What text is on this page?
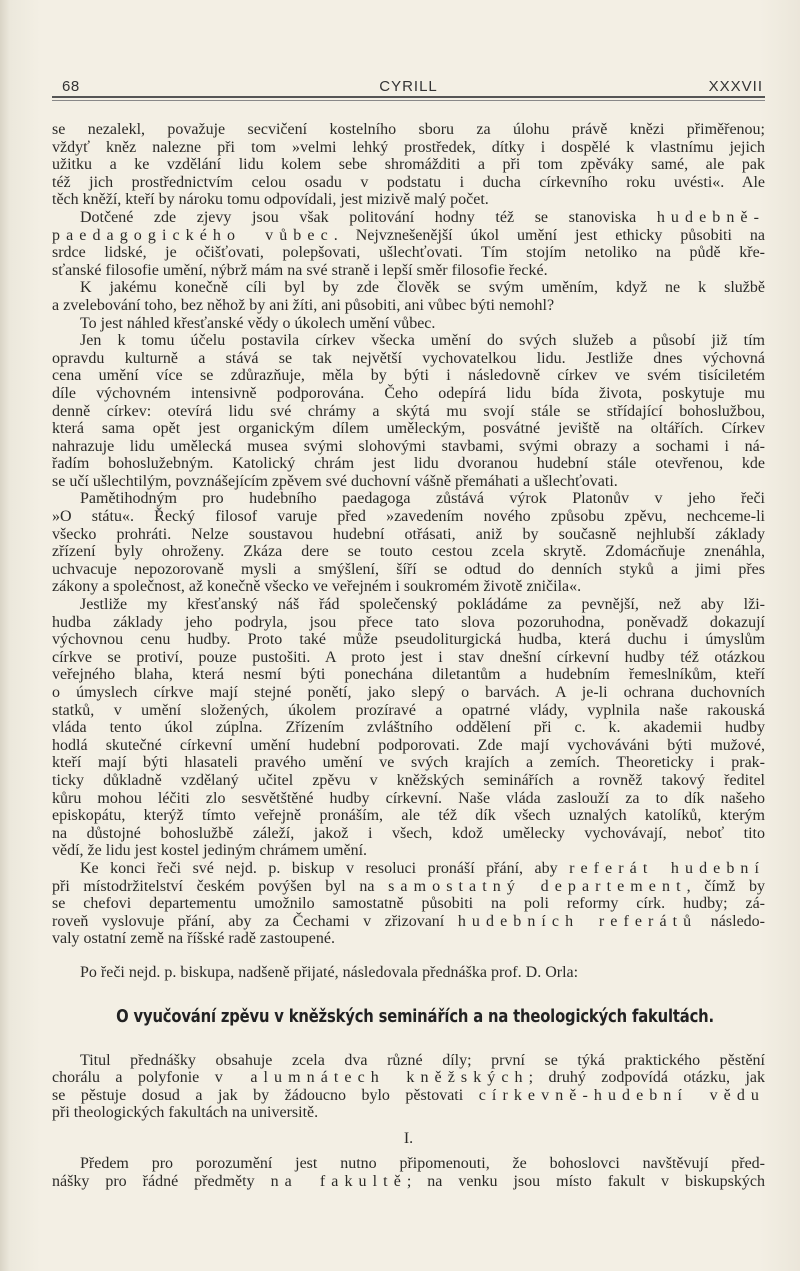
68	CYRILL	XXXVII
se nezalekl, považuje secvičení kostelního sboru za úlohu právě knězi přiměřenou;
vždyť kněz nalezne při tom »velmi lehký prostředek, dítky i dospělé k vlastnímu jejich
užitku a ke vzdělání lidu kolem sebe shromážditi a při tom zpěváky samé, ale pak
též jich prostřednictvím celou osadu v podstatu i ducha církevního roku uvésti«. Ale
těch kněží, kteří by nároku tomu odpovídali, jest mizivě malý počet.
Dotčené zde zjevy jsou však politování hodny též se stanoviska hudebně-
paedagogického vůbec. Nejvznešenější úkol umění jest ethicky působiti na
srdce lidské, je očišťovati, polepšovati, ušlechťovati. Tím stojím netoliko na půdě kře-
sťanské filosofie umění, nýbrž mám na své straně i lepší směr filosofie řecké.
K jakému konečně cíli byl by zde člověk se svým uměním, když ne k službě
a zvelebování toho, bez něhož by ani žíti, ani působiti, ani vůbec býti nemohl?
To jest náhled křesťanské vědy o úkolech umění vůbec.
Jen k tomu účelu postavila církev všecka umění do svých služeb a působí již tím
opravdu kulturně a stává se tak největší vychovatelkou lidu. Jestliže dnes výchovná
cena umění více se zdůrazňuje, měla by býti i následovně církev ve svém tisíciletém
díle výchovném intensivně podporována. Čeho odepírá lidu bída života, poskytuje mu
denně církev: otevírá lidu své chrámy a skýtá mu svojí stále se střídající bohoslužbou,
která sama opět jest organickým dílem uměleckým, posvátné jeviště na oltářích. Církev
nahrazuje lidu umělecká musea svými slohovými stavbami, svými obrazy a sochami i ná-
řadím bohoslužebným. Katolický chrám jest lidu dvoranou hudební stále otevřenou, kde
se učí ušlechtilým, povznášejícím zpěvem své duchovní vášně přemáhati a ušlechťovati.
Pamětihodným pro hudebního paedagoga zůstává výrok Platonův v jeho řeči
»O státu«. Řecký filosof varuje před »zavedením nového způsobu zpěvu, nechceme-li
všecko prohráti. Nelze soustavou hudební otřásati, aniž by současně nejhlubší základy
zřízení byly ohroženy. Zkáza dere se touto cestou zcela skrytě. Zdomácňuje znenáhla,
uchvacuje nepozorovaně mysli a smýšlení, šíří se odtud do denních styků a jimi přes
zákony a společnost, až konečně všecko ve veřejném i soukromém životě zničila«.
Jestliže my křesťanský náš řád společenský pokládáme za pevnější, než aby lži-
hudba základy jeho podryla, jsou přece tato slova pozoruhodna, poněvadž dokazují
výchovnou cenu hudby. Proto také může pseudoliturgická hudba, která duchu i úmyslům
církve se protiví, pouze pustošiti. A proto jest i stav dnešní církevní hudby též otázkou
veřejného blaha, která nesmí býti ponechána diletantům a hudebním řemeslníkům, kteří
o úmyslech církve mají stejné ponětí, jako slepý o barvách. A je-li ochrana duchovních
statků, v umění složených, úkolem prozíravé a opatrné vlády, vyplnila naše rakouská
vláda tento úkol zúplna. Zřízením zvláštního oddělení při c. k. akademii hudby
hodlá skutečné církevní umění hudební podporovati. Zde mají vychováváni býti mužové,
kteří mají býti hlasateli pravého umění ve svých krajích a zemích. Theoreticky i prak-
ticky důkladně vzdělaný učitel zpěvu v kněžských seminářích a rovněž takový ředitel
kůru mohou léčiti zlo sesvětštěné hudby církevní. Naše vláda zaslouží za to dík našeho
episkopátu, kterýž tímto veřejně pronáším, ale též dík všech uznalých katolíků, kterým
na důstojné bohoslužbě záleží, jakož i všech, kdož umělecky vychovávají, neboť tito
vědí, že lidu jest kostel jediným chrámem umění.
Ke konci řeči své nejd. p. biskup v resoluci pronáší přání, aby referát hudební
při místodržitelství českém povýšen byl na samostatný departement, čímž by
se chefovi departementu umožnilo samostatně působiti na poli reformy círk. hudby; zá-
roveň vyslovuje přání, aby za Čechami v zřizovaní hudebních referátů následo-
valy ostatní země na říšské radě zastoupené.
Po řeči nejd. p. biskupa, nadšeně přijaté, následovala přednáška prof. D. Orla:
O vyučování zpěvu v kněžských seminářích a na theologických fakultách.
Titul přednášky obsahuje zcela dva různé díly; první se týká praktického pěstění
chorálu a polyfonie v alumnátech kněžských; druhý zodpovídá otázku, jak
se pěstuje dosud a jak by žádoucno bylo pěstovati církevně-hudební vědu
při theologických fakultách na universitě.
I.
Předem pro porozumění jest nutno připomenouti, že bohoslovci navštěvují před-
nášky pro řádné předměty na fakultě; na venku jsou místo fakult v biskupských
